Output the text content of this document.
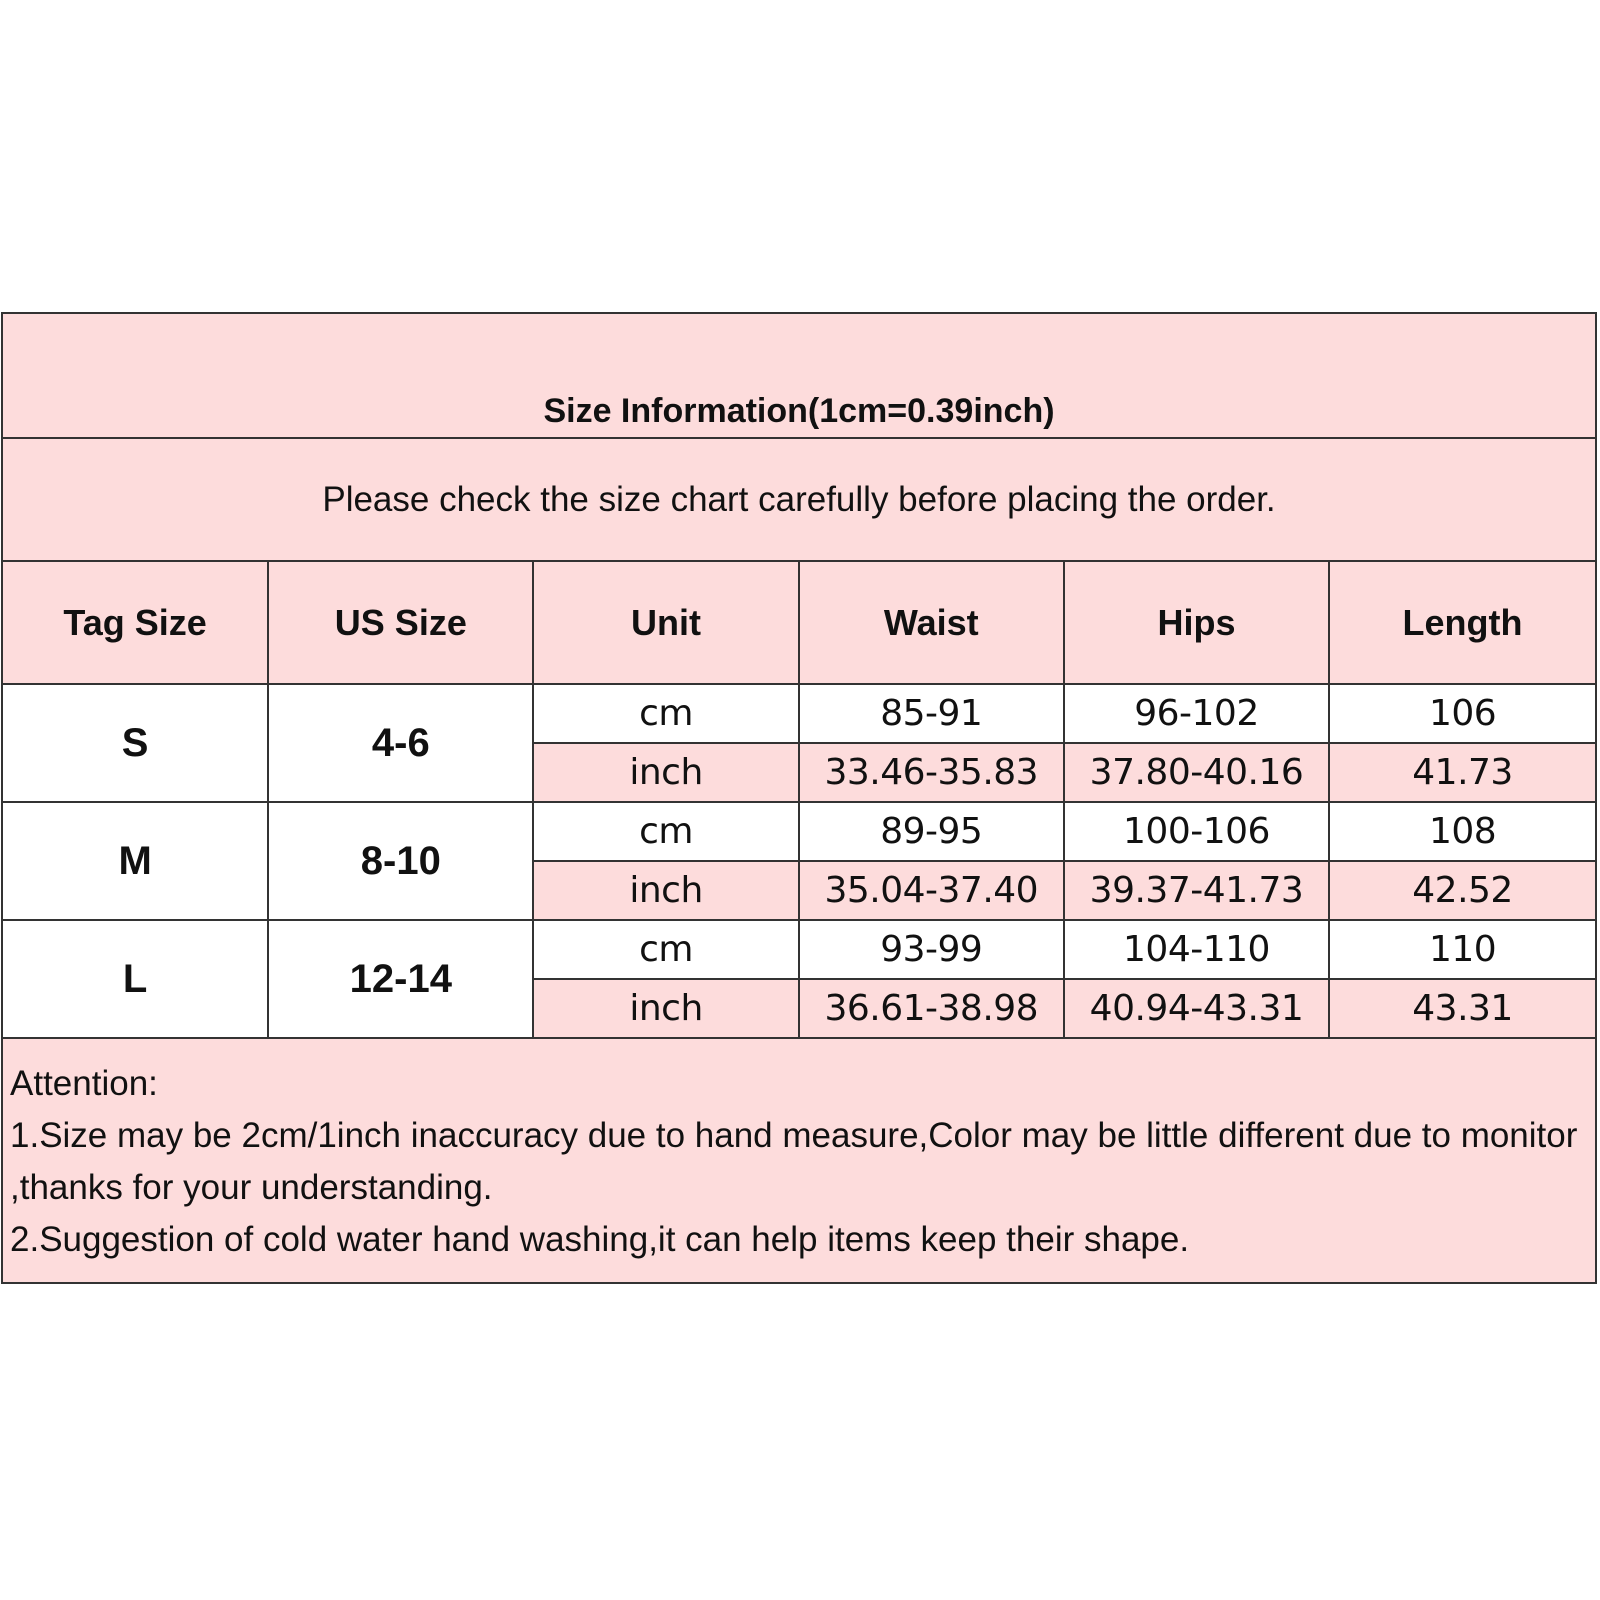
Size Information(1cm=0.39inch)
Please check the size chart carefully before placing the order.
Tag Size	US Size	Unit	Waist	Hips	Length
S	4-6	cm	85-91	96-102	106
		inch	33.46-35.83	37.80-40.16	41.73
M	8-10	cm	89-95	100-106	108
		inch	35.04-37.40	39.37-41.73	42.52
L	12-14	cm	93-99	104-110	110
		inch	36.61-38.98	40.94-43.31	43.31
Attention:
1.Size may be 2cm/1inch inaccuracy due to hand measure,Color may be little different due to monitor ,thanks for your understanding.
2.Suggestion of cold water hand washing,it can help items keep their shape.
